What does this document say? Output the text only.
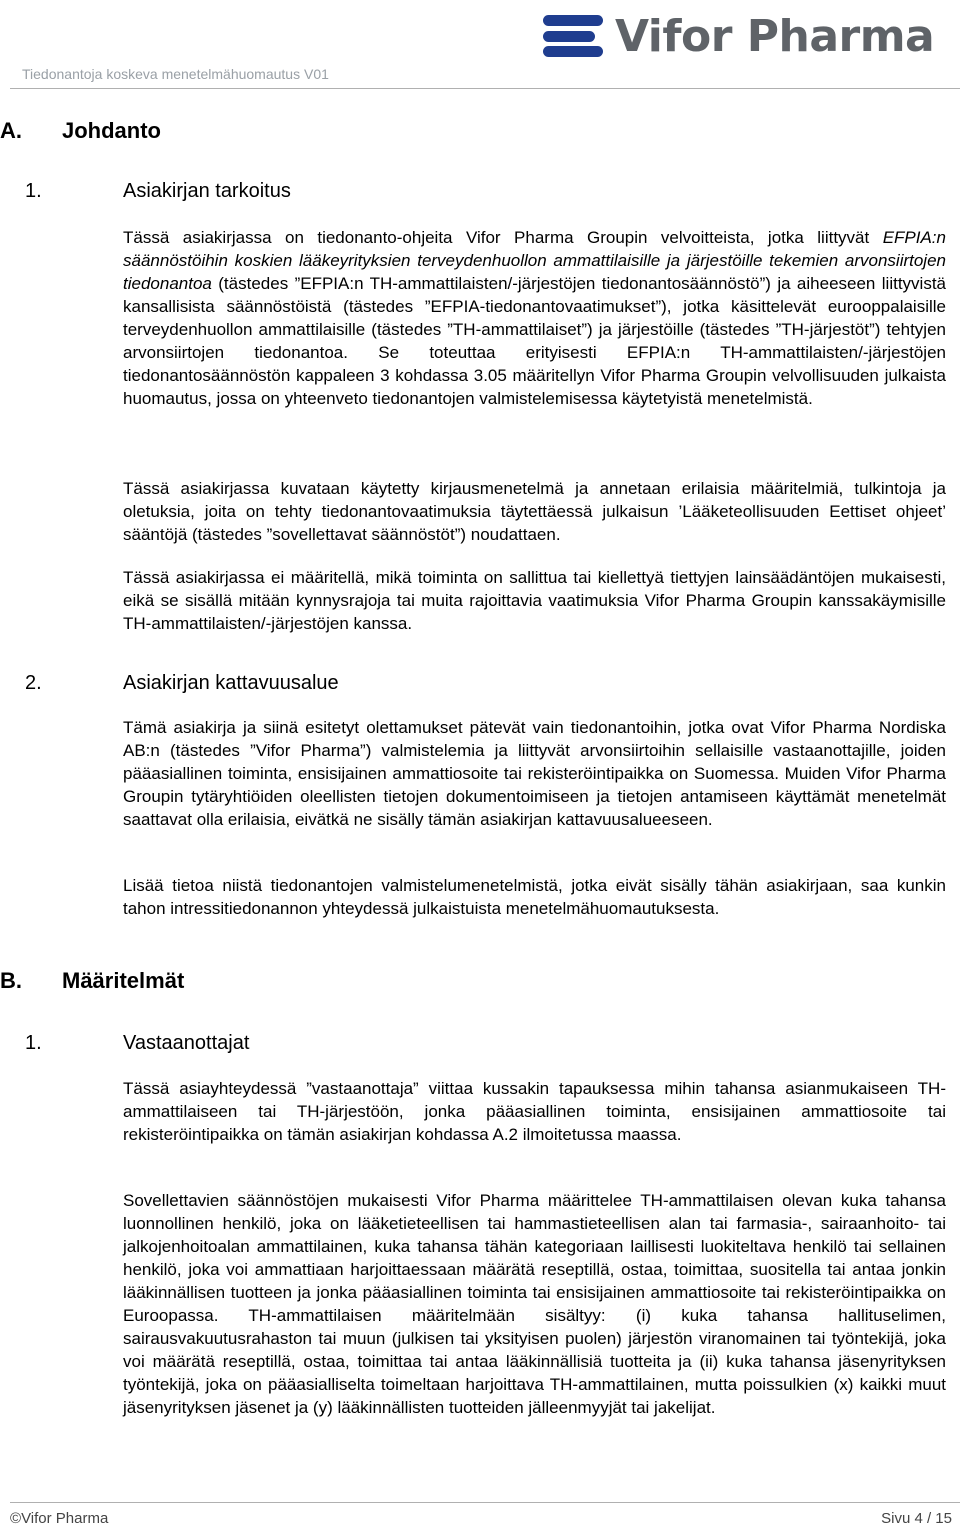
Tiedonantoja koskeva menetelmähuomautus V01
Vifor Pharma
A. Johdanto
1.	Asiakirjan tarkoitus

Tässä asiakirjassa on tiedonanto-ohjeita Vifor Pharma Groupin velvoitteista, jotka liittyvät EFPIA:n säännöstöihin koskien lääkeyrityksien terveydenhuollon ammattilaisille ja järjestöille tekemien arvonsiirtojen tiedonantoa (tästedes ”EFPIA:n TH-ammattilaisten/-järjestöjen tiedonantosäännöstö”) ja aiheeseen liittyvistä kansallisista säännöstöistä (tästedes ”EFPIA-tiedonantovaatimukset”), jotka käsittelevät eurooppalaisille terveydenhuollon ammattilaisille (tästedes ”TH-ammattilaiset”) ja järjestöille (tästedes ”TH-järjestöt”) tehtyjen arvonsiirtojen tiedonantoa. Se toteuttaa erityisesti EFPIA:n TH-ammattilaisten/-järjestöjen tiedonantosäännöstön kappaleen 3 kohdassa 3.05 määritellyn Vifor Pharma Groupin velvollisuuden julkaista huomautus, jossa on yhteenveto tiedonantojen valmistelemisessa käytetyistä menetelmistä.

Tässä asiakirjassa kuvataan käytetty kirjausmenetelmä ja annetaan erilaisia määritelmiä, tulkintoja ja oletuksia, joita on tehty tiedonantovaatimuksia täytettäessä julkaisun ’Lääketeollisuuden Eettiset ohjeet’ sääntöjä (tästedes ”sovellettavat säännöstöt”) noudattaen.

Tässä asiakirjassa ei määritellä, mikä toiminta on sallittua tai kiellettyä tiettyjen lainsäädäntöjen mukaisesti, eikä se sisällä mitään kynnysrajoja tai muita rajoittavia vaatimuksia Vifor Pharma Groupin kanssakäymisille TH-ammattilaisten/-järjestöjen kanssa.

2.	Asiakirjan kattavuusalue

Tämä asiakirja ja siinä esitetyt olettamukset pätevät vain tiedonantoihin, jotka ovat Vifor Pharma Nordiska AB:n (tästedes ”Vifor Pharma”) valmistelemia ja liittyvät arvonsiirtoihin sellaisille vastaanottajille, joiden pääasiallinen toiminta, ensisijainen ammattiosoite tai rekisteröintipaikka on Suomessa. Muiden Vifor Pharma Groupin tytäryhtiöiden oleellisten tietojen dokumentoimiseen ja tietojen antamiseen käyttämät menetelmät saattavat olla erilaisia, eivätkä ne sisälly tämän asiakirjan kattavuusalueeseen.

Lisää tietoa niistä tiedonantojen valmistelumenetelmistä, jotka eivät sisälly tähän asiakirjaan, saa kunkin tahon intressitiedonannon yhteydessä julkaistuista menetelmähuomautuksesta.

B. Määritelmät
1.	Vastaanottajat

Tässä asiayhteydessä ”vastaanottaja” viittaa kussakin tapauksessa mihin tahansa asianmukaiseen TH-ammattilaiseen tai TH-järjestöön, jonka pääasiallinen toiminta, ensisijainen ammattiosoite tai rekisteröintipaikka on tämän asiakirjan kohdassa A.2 ilmoitetussa maassa.

Sovellettavien säännöstöjen mukaisesti Vifor Pharma määrittelee TH-ammattilaisen olevan kuka tahansa luonnollinen henkilö, joka on lääketieteellisen tai hammastieteellisen alan tai farmasia-, sairaanhoito- tai jalkojenhoitoalan ammattilainen, kuka tahansa tähän kategoriaan laillisesti luokiteltava henkilö tai sellainen henkilö, joka voi ammattiaan harjoittaessaan määrätä reseptillä, ostaa, toimittaa, suositella tai antaa jonkin lääkinnällisen tuotteen ja jonka pääasiallinen toiminta tai ensisijainen ammattiosoite tai rekisteröintipaikka on Euroopassa. TH-ammattilaisen määritelmään sisältyy: (i) kuka tahansa hallituselimen, sairausvakuutusrahaston tai muun (julkisen tai yksityisen puolen) järjestön viranomainen tai työntekijä, joka voi määrätä reseptillä, ostaa, toimittaa tai antaa lääkinnällisiä tuotteita ja (ii) kuka tahansa jäsenyrityksen työntekijä, joka on pääasialliselta toimeltaan harjoittava TH-ammattilainen, mutta poissulkien (x) kaikki muut jäsenyrityksen jäsenet ja (y) lääkinnällisten tuotteiden jälleenmyyjät tai jakelijat.

©Vifor Pharma	Sivu 4 / 15
